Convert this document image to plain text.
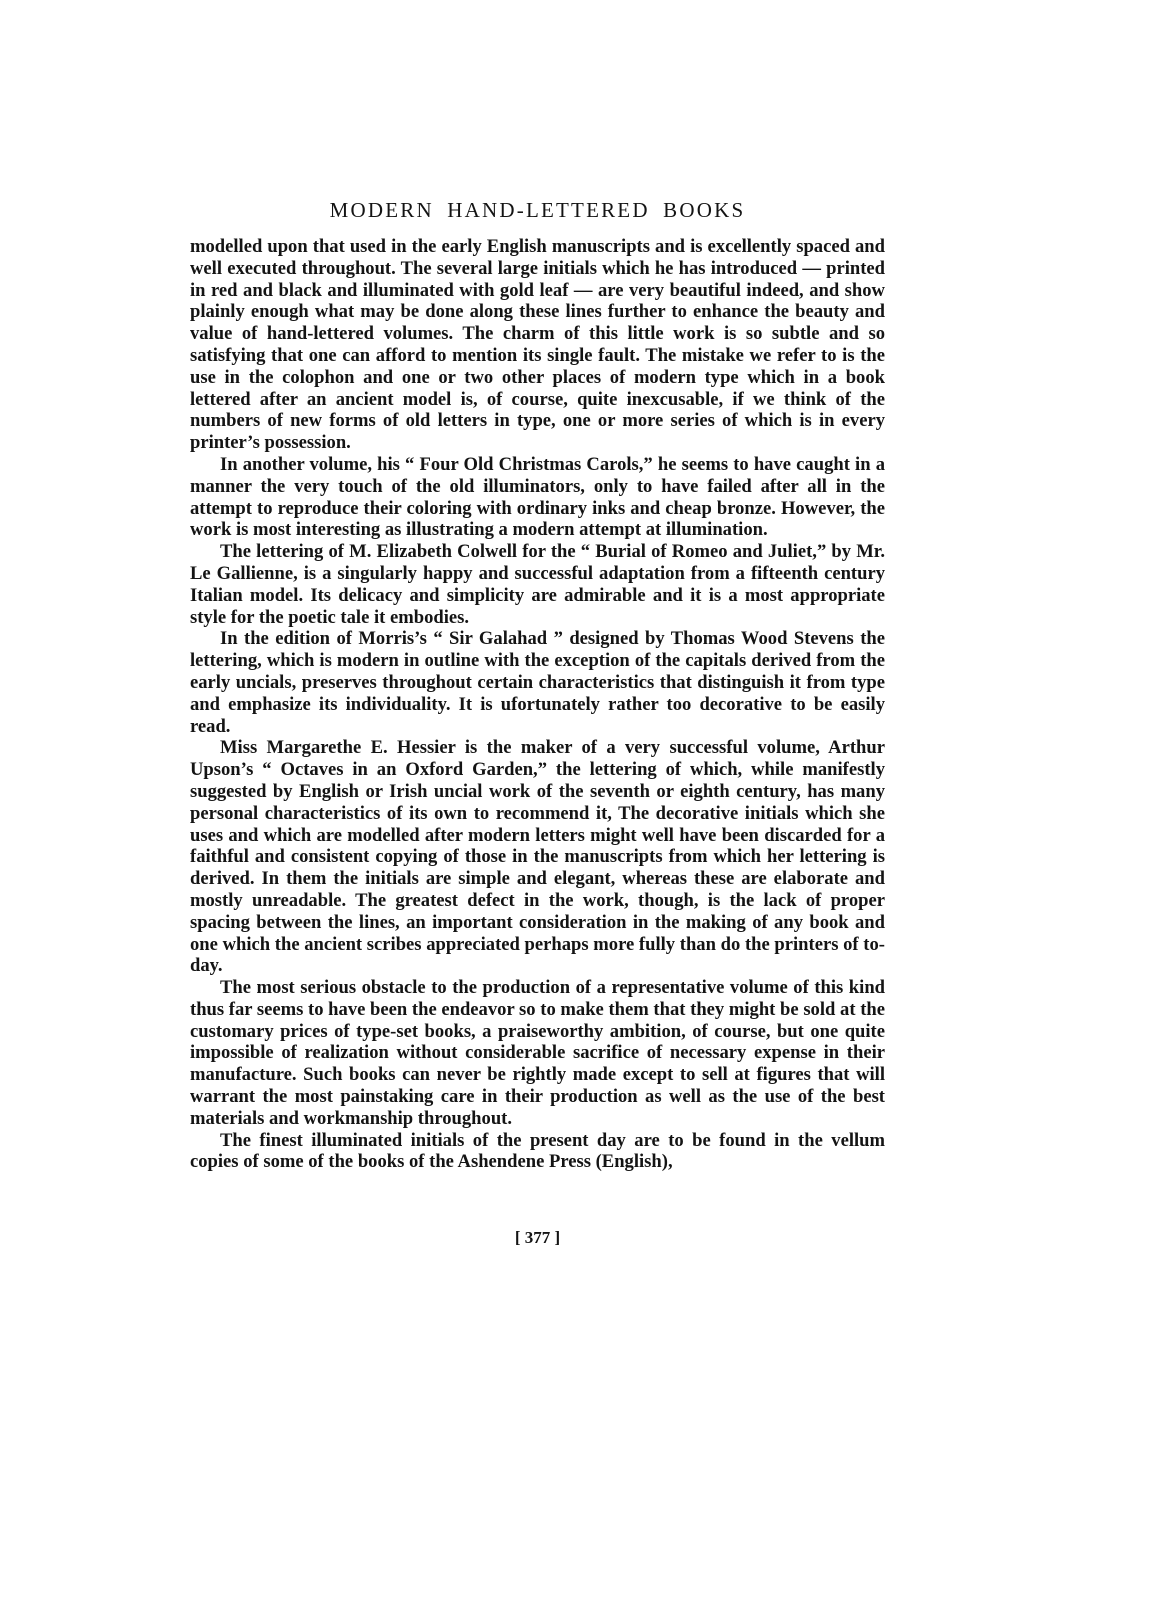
MODERN HAND-LETTERED BOOKS

modelled upon that used in the early English manuscripts and is excellently spaced and well executed throughout. The several large initials which he has introduced — printed in red and black and illuminated with gold leaf — are very beautiful indeed, and show plainly enough what may be done along these lines further to enhance the beauty and value of hand-lettered volumes. The charm of this little work is so subtle and so satisfying that one can afford to mention its single fault. The mistake we refer to is the use in the colophon and one or two other places of modern type which in a book lettered after an ancient model is, of course, quite inexcusable, if we think of the numbers of new forms of old letters in type, one or more series of which is in every printer’s possession.

In another volume, his “ Four Old Christmas Carols,” he seems to have caught in a manner the very touch of the old illuminators, only to have failed after all in the attempt to reproduce their coloring with ordinary inks and cheap bronze. However, the work is most interesting as illustrating a modern attempt at illumination.

The lettering of M. Elizabeth Colwell for the “ Burial of Romeo and Juliet,” by Mr. Le Gallienne, is a singularly happy and successful adaptation from a fifteenth century Italian model. Its delicacy and simplicity are admirable and it is a most appropriate style for the poetic tale it embodies.

In the edition of Morris’s “ Sir Galahad ” designed by Thomas Wood Stevens the lettering, which is modern in outline with the exception of the capitals derived from the early uncials, preserves throughout certain characteristics that distinguish it from type and emphasize its individuality. It is ufortunately rather too decorative to be easily read.

Miss Margarethe E. Hessier is the maker of a very successful volume, Arthur Upson’s “ Octaves in an Oxford Garden,” the lettering of which, while manifestly suggested by English or Irish uncial work of the seventh or eighth century, has many personal characteristics of its own to recommend it, The decorative initials which she uses and which are modelled after modern letters might well have been discarded for a faithful and consistent copying of those in the manuscripts from which her lettering is derived. In them the initials are simple and elegant, whereas these are elaborate and mostly unreadable. The greatest defect in the work, though, is the lack of proper spacing between the lines, an important consideration in the making of any book and one which the ancient scribes appreciated perhaps more fully than do the printers of to-day.

The most serious obstacle to the production of a representative volume of this kind thus far seems to have been the endeavor so to make them that they might be sold at the customary prices of type-set books, a praiseworthy ambition, of course, but one quite impossible of realization without considerable sacrifice of necessary expense in their manufacture. Such books can never be rightly made except to sell at figures that will warrant the most painstaking care in their production as well as the use of the best materials and workmanship throughout.

The finest illuminated initials of the present day are to be found in the vellum copies of some of the books of the Ashendene Press (English),

[ 377 ]
